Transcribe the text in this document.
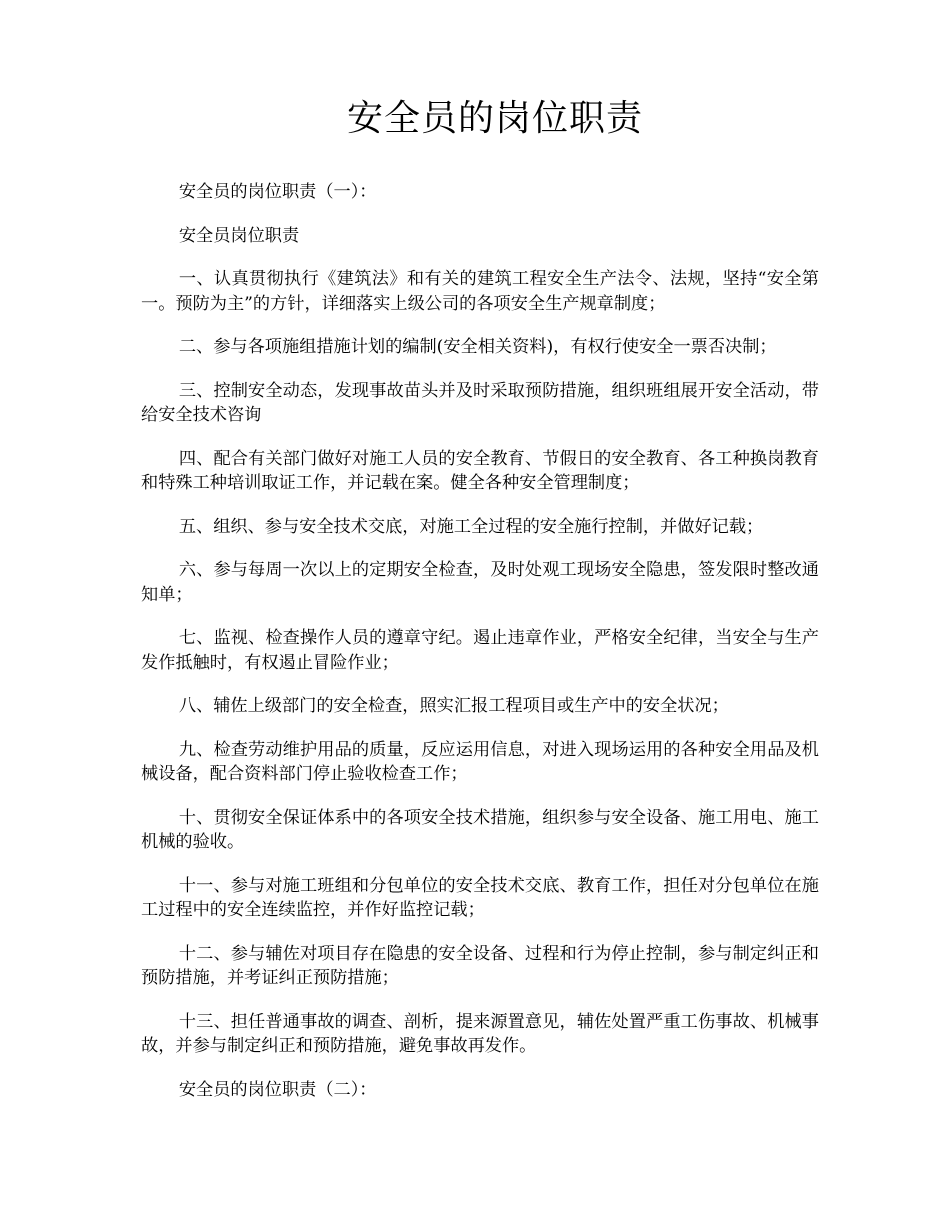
安全员的岗位职责

安全员的岗位职责（一）：

安全员岗位职责

一、认真贯彻执行《建筑法》和有关的建筑工程安全生产法令、法规，坚持“安全第一。预防为主”的方针，详细落实上级公司的各项安全生产规章制度；

二、参与各项施组措施计划的编制(安全相关资料)，有权行使安全一票否决制；

三、控制安全动态，发现事故苗头并及时采取预防措施，组织班组展开安全活动，带给安全技术咨询

四、配合有关部门做好对施工人员的安全教育、节假日的安全教育、各工种换岗教育和特殊工种培训取证工作，并记载在案。健全各种安全管理制度；

五、组织、参与安全技术交底，对施工全过程的安全施行控制，并做好记载；

六、参与每周一次以上的定期安全检查，及时处观工现场安全隐患，签发限时整改通知单；

七、监视、检查操作人员的遵章守纪。遏止违章作业，严格安全纪律，当安全与生产发作抵触时，有权遏止冒险作业；

八、辅佐上级部门的安全检查，照实汇报工程项目或生产中的安全状况；

九、检查劳动维护用品的质量，反应运用信息，对进入现场运用的各种安全用品及机械设备，配合资料部门停止验收检查工作；

十、贯彻安全保证体系中的各项安全技术措施，组织参与安全设备、施工用电、施工机械的验收。

十一、参与对施工班组和分包单位的安全技术交底、教育工作，担任对分包单位在施工过程中的安全连续监控，并作好监控记载；

十二、参与辅佐对项目存在隐患的安全设备、过程和行为停止控制，参与制定纠正和预防措施，并考证纠正预防措施；

十三、担任普通事故的调查、剖析，提来源置意见，辅佐处置严重工伤事故、机械事故，并参与制定纠正和预防措施，避免事故再发作。

安全员的岗位职责（二）：
